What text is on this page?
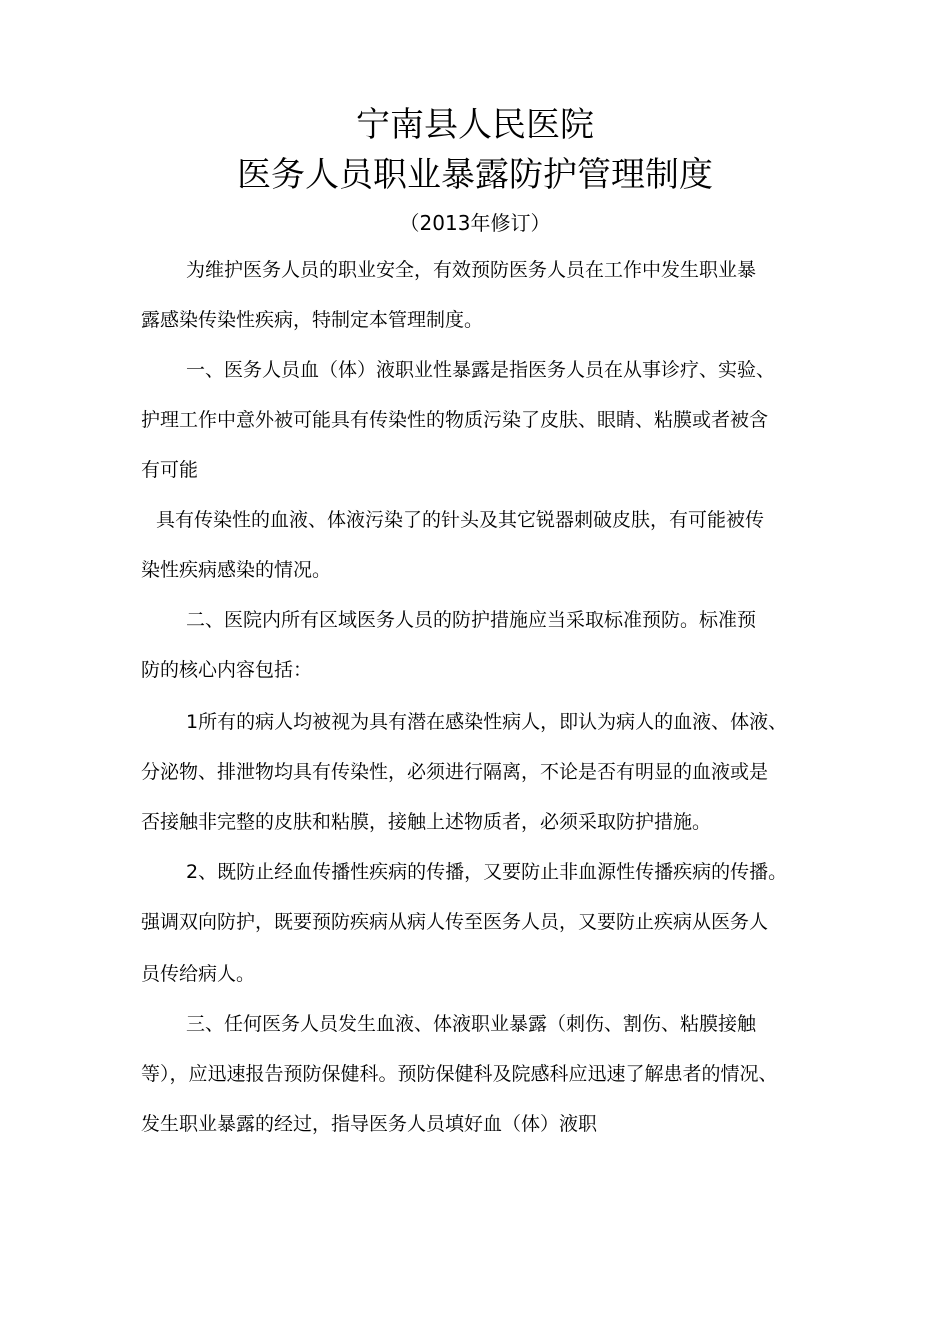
宁南县人民医院
医务人员职业暴露防护管理制度
（2013年修订）
为维护医务人员的职业安全，有效预防医务人员在工作中发生职业暴
露感染传染性疾病，特制定本管理制度。
一、医务人员血（体）液职业性暴露是指医务人员在从事诊疗、实验、
护理工作中意外被可能具有传染性的物质污染了皮肤、眼睛、粘膜或者被含
有可能
具有传染性的血液、体液污染了的针头及其它锐器刺破皮肤，有可能被传
染性疾病感染的情况。
二、医院内所有区域医务人员的防护措施应当采取标准预防。标准预
防的核心内容包括：
1所有的病人均被视为具有潜在感染性病人，即认为病人的血液、体液、
分泌物、排泄物均具有传染性，必须进行隔离，不论是否有明显的血液或是
否接触非完整的皮肤和粘膜，接触上述物质者，必须采取防护措施。
2、既防止经血传播性疾病的传播，又要防止非血源性传播疾病的传播。
强调双向防护，既要预防疾病从病人传至医务人员，又要防止疾病从医务人
员传给病人。
三、任何医务人员发生血液、体液职业暴露（刺伤、割伤、粘膜接触
等），应迅速报告预防保健科。预防保健科及院感科应迅速了解患者的情况、
发生职业暴露的经过，指导医务人员填好血（体）液职
